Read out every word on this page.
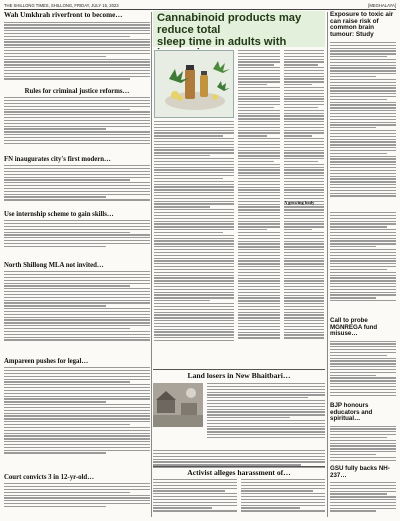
THE SHILLONG TIMES, SHILLONG, FRIDAY, JULY 15, 2023	[MEGHALAYA]
Wah Umkhrah riverfront to become…
Rules for criminal justice reforms…
FN inaugurates city's first modern…
Use internship scheme to gain skills…
North Shillong MLA not invited…
Ampareen pushes for legal…
Court convicts 3 in 12-yr-old…
Cannabinoid products may reduce total
sleep time in adults with
Exposure to toxic air can raise risk of common brain tumour: Study
A growing body
Call to probe MGNREGA fund misuse…
BJP honours educators and spiritual…
GSU fully backs NH-237…
Land losers in New Bhaitbari…
Activist alleges harassment of…
